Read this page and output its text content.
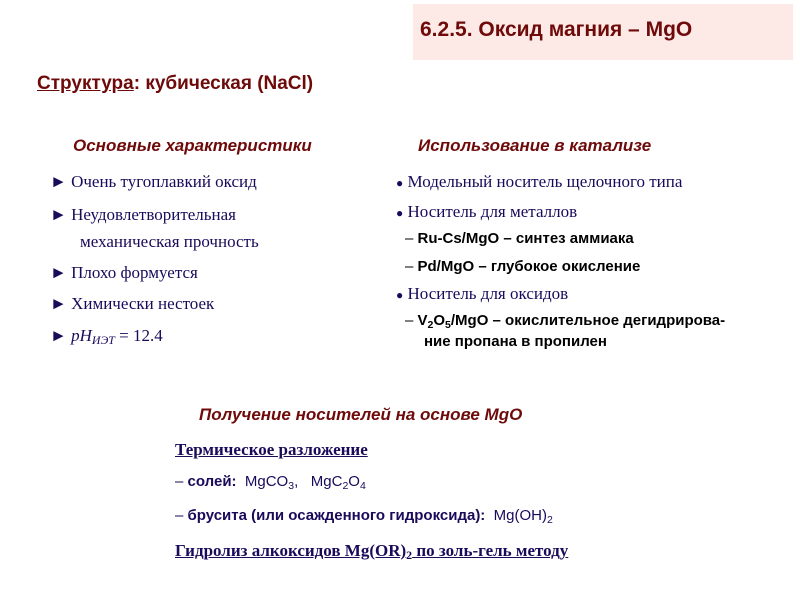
6.2.5. Оксид магния – MgO
Структура: кубическая (NaCl)
Основные характеристики
► Очень тугоплавкий оксид
► Неудовлетворительная
механическая прочность
► Плохо формуется
► Химически нестоек
► $pH_{ИЭТ} = 12.4$
Использование в катализе
● Модельный носитель щелочного типа
● Носитель для металлов
– Ru-Cs/MgO – синтез аммиака
– Pd/MgO – глубокое окисление
● Носитель для оксидов
– $V_2O_5$/MgO – окислительное дегидрирова-
ние пропана в пропилен
Получение носителей на основе MgO
Термическое разложение
– солей: MgCO$_3$, $MgC_2O_4$
– брусита (или осажденного гидроксида): $Mg(OH)_2$
Гидролиз алкоксидов $Mg(OR)_2$ по золь-гель методу
